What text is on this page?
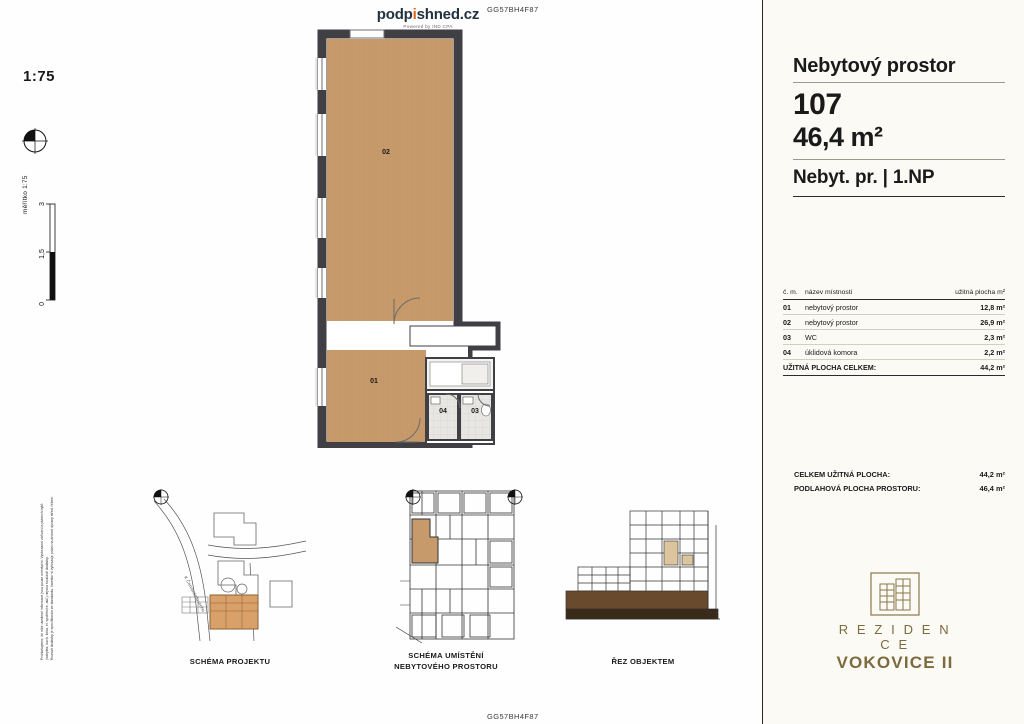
GG57BH4F87
podpishned.cz
Powered by IND CPA
1:75
měřítko 1:75
0
1,5
3
Prohlašujeme, že níže uvedené informace jsou pouze orientační. Vyobrazení zařízení a plánech bytů (nábytek, kuch. linka, el. spotřebiče, atd.) nejsou součástí dodávky. Rozsah dodávky je specifikován ve standardu. Investor si vyhrazuje právo na drobné úpravy střed. řešení.
02
01
04	03
K Červenému vrchu
SCHÉMA PROJEKTU
SCHÉMA UMÍSTĚNÍ
NEBYTOVÉHO PROSTORU
ŘEZ OBJEKTEM
Nebytový prostor
107
46,4 m²
Nebyt. pr. | 1.NP
č. m.	název místnosti	užitná plocha m²
01	nebytový prostor	12,8 m²
02	nebytový prostor	26,9 m²
03	WC	2,3 m²
04	úklidová komora	2,2 m²
UŽITNÁ PLOCHA CELKEM:		44,2 m²
CELKEM UŽITNÁ PLOCHA:	44,2 m²
PODLAHOVÁ PLOCHA PROSTORU:	46,4 m²
R E Z I D E N C E
VOKOVICE II
GG57BH4F87
